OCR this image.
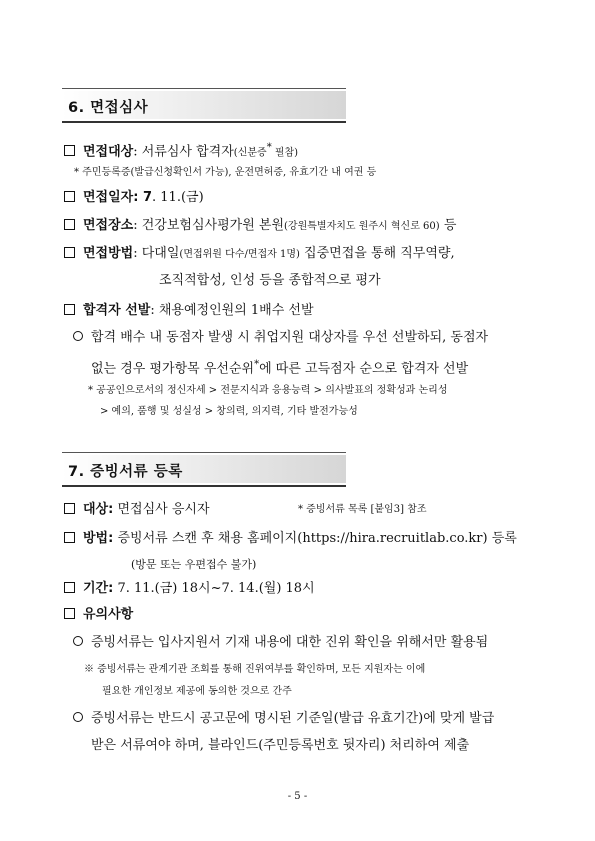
6. 면접심사
면접대상: 서류심사 합격자(신분증* 필참)
* 주민등록증(발급신청확인서 가능), 운전면허증, 유효기간 내 여권 등
면접일자: 7. 11.(금)
면접장소: 건강보험심사평가원 본원(강원특별자치도 원주시 혁신로 60) 등
면접방법: 다대일(면접위원 다수/면접자 1명) 집중면접을 통해 직무역량,
조직적합성, 인성 등을 종합적으로 평가
합격자 선발: 채용예정인원의 1배수 선발
합격 배수 내 동점자 발생 시 취업지원 대상자를 우선 선발하되, 동점자
없는 경우 평가항목 우선순위*에 따른 고득점자 순으로 합격자 선발
* 공공인으로서의 정신자세 > 전문지식과 응용능력 > 의사발표의 정확성과 논리성
> 예의, 품행 및 성실성 > 창의력, 의지력, 기타 발전가능성
7. 증빙서류 등록
대상: 면접심사 응시자	* 증빙서류 목록 [붙임3] 참조
방법: 증빙서류 스캔 후 채용 홈페이지(https://hira.recruitlab.co.kr) 등록
(방문 또는 우편접수 불가)
기간: 7. 11.(금) 18시~7. 14.(월) 18시
유의사항
증빙서류는 입사지원서 기재 내용에 대한 진위 확인을 위해서만 활용됨
※ 증빙서류는 관계기관 조회를 통해 진위여부를 확인하며, 모든 지원자는 이에
필요한 개인정보 제공에 동의한 것으로 간주
증빙서류는 반드시 공고문에 명시된 기준일(발급 유효기간)에 맞게 발급
받은 서류여야 하며, 블라인드(주민등록번호 뒷자리) 처리하여 제출
- 5 -
